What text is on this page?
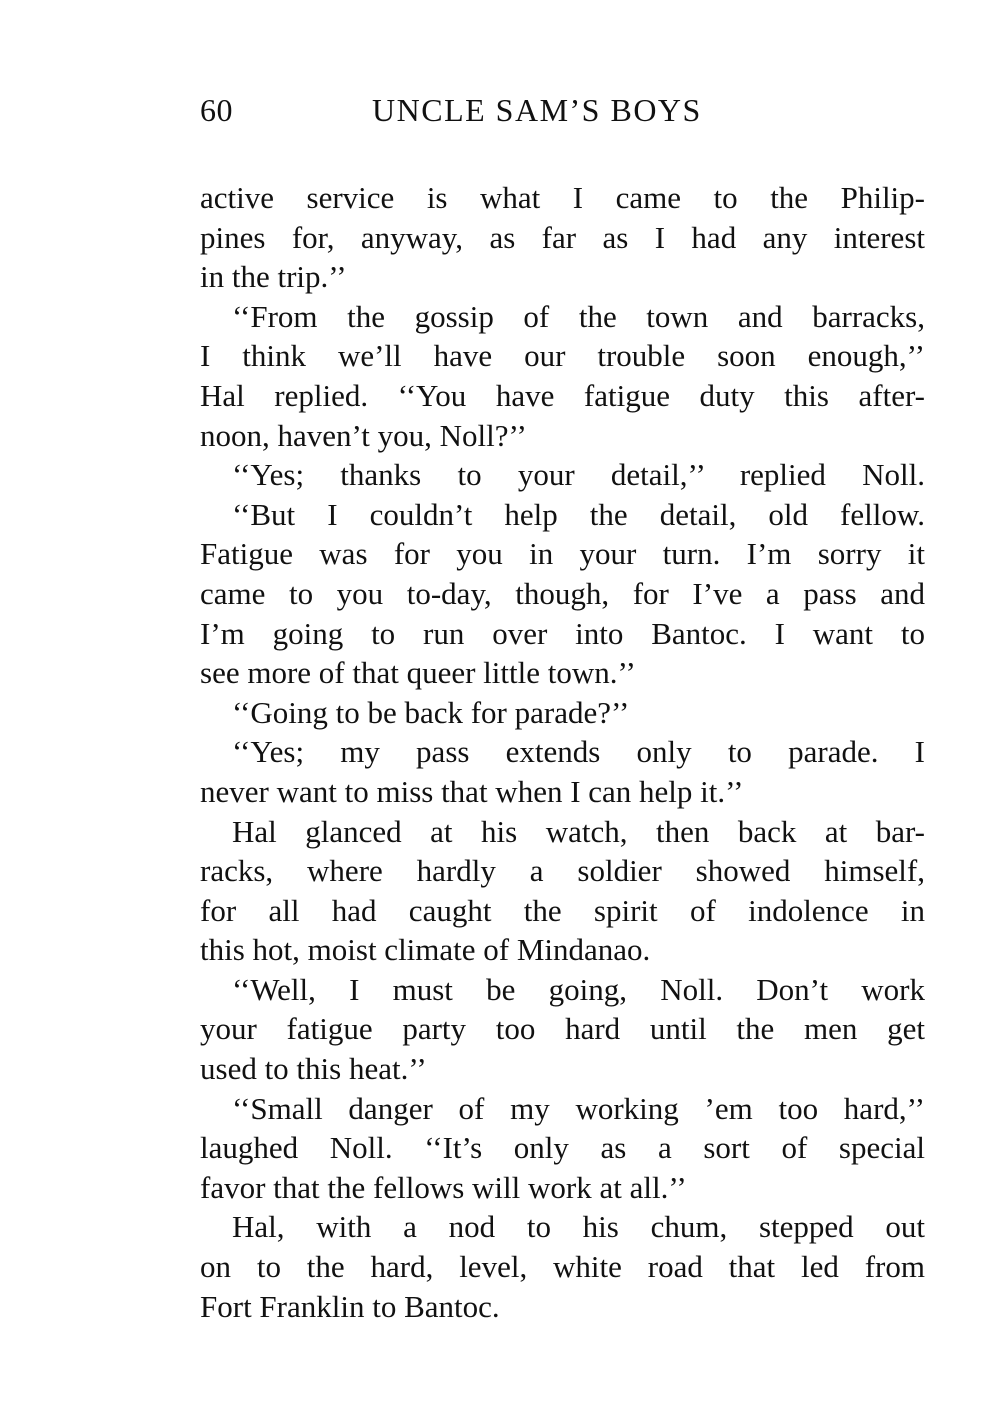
60	UNCLE SAM’S BOYS
active service is what I came to the Philip-
pines for, anyway, as far as I had any interest
in the trip.’’
‘‘From the gossip of the town and barracks,
I think we’ll have our trouble soon enough,’’
Hal replied. ‘‘You have fatigue duty this after-
noon, haven’t you, Noll?’’
‘‘Yes; thanks to your detail,’’ replied Noll.
‘‘But I couldn’t help the detail, old fellow.
Fatigue was for you in your turn. I’m sorry it
came to you to-day, though, for I’ve a pass and
I’m going to run over into Bantoc. I want to
see more of that queer little town.’’
‘‘Going to be back for parade?’’
‘‘Yes; my pass extends only to parade. I
never want to miss that when I can help it.’’
Hal glanced at his watch, then back at bar-
racks, where hardly a soldier showed himself,
for all had caught the spirit of indolence in
this hot, moist climate of Mindanao.
‘‘Well, I must be going, Noll. Don’t work
your fatigue party too hard until the men get
used to this heat.’’
‘‘Small danger of my working ’em too hard,’’
laughed Noll. ‘‘It’s only as a sort of special
favor that the fellows will work at all.’’
Hal, with a nod to his chum, stepped out
on to the hard, level, white road that led from
Fort Franklin to Bantoc.
